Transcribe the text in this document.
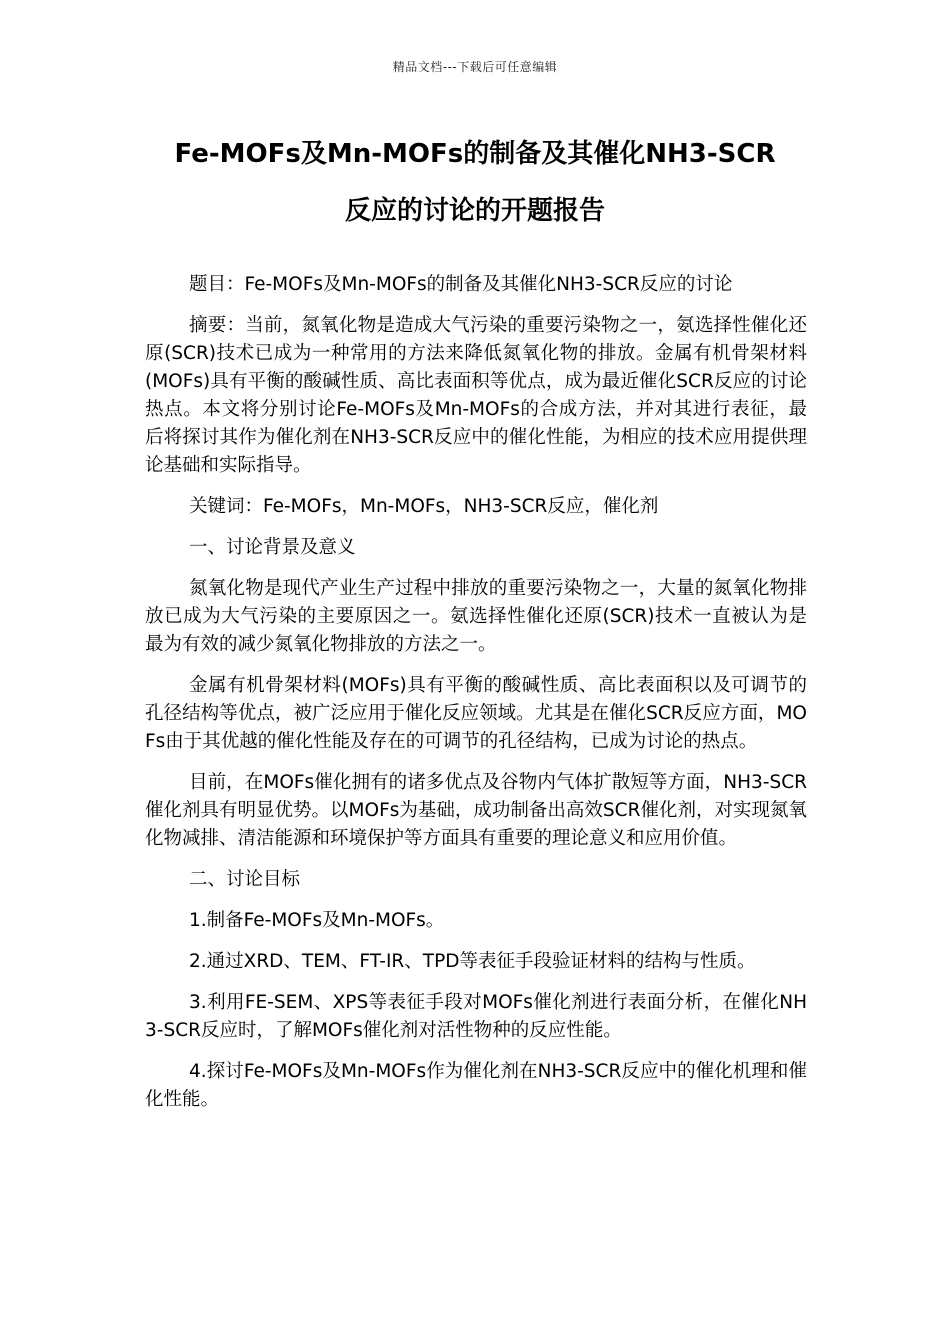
精品文档---下载后可任意编辑
Fe-MOFs及Mn-MOFs的制备及其催化NH3-SCR
反应的讨论的开题报告

题目：Fe-MOFs及Mn-MOFs的制备及其催化NH3-SCR反应的讨论

摘要：当前，氮氧化物是造成大气污染的重要污染物之一，氨选择性催化还原(SCR)技术已成为一种常用的方法来降低氮氧化物的排放。金属有机骨架材料(MOFs)具有平衡的酸碱性质、高比表面积等优点，成为最近催化SCR反应的讨论热点。本文将分别讨论Fe-MOFs及Mn-MOFs的合成方法，并对其进行表征，最后将探讨其作为催化剂在NH3-SCR反应中的催化性能，为相应的技术应用提供理论基础和实际指导。

关键词：Fe-MOFs，Mn-MOFs，NH3-SCR反应，催化剂

一、讨论背景及意义

氮氧化物是现代产业生产过程中排放的重要污染物之一，大量的氮氧化物排放已成为大气污染的主要原因之一。氨选择性催化还原(SCR)技术一直被认为是最为有效的减少氮氧化物排放的方法之一。

金属有机骨架材料(MOFs)具有平衡的酸碱性质、高比表面积以及可调节的孔径结构等优点，被广泛应用于催化反应领域。尤其是在催化SCR反应方面，MOFs由于其优越的催化性能及存在的可调节的孔径结构，已成为讨论的热点。

目前，在MOFs催化拥有的诸多优点及谷物内气体扩散短等方面，NH3-SCR催化剂具有明显优势。以MOFs为基础，成功制备出高效SCR催化剂，对实现氮氧化物减排、清洁能源和环境保护等方面具有重要的理论意义和应用价值。

二、讨论目标

1.制备Fe-MOFs及Mn-MOFs。

2.通过XRD、TEM、FT-IR、TPD等表征手段验证材料的结构与性质。

3.利用FE-SEM、XPS等表征手段对MOFs催化剂进行表面分析，在催化NH3-SCR反应时，了解MOFs催化剂对活性物种的反应性能。

4.探讨Fe-MOFs及Mn-MOFs作为催化剂在NH3-SCR反应中的催化机理和催化性能。
